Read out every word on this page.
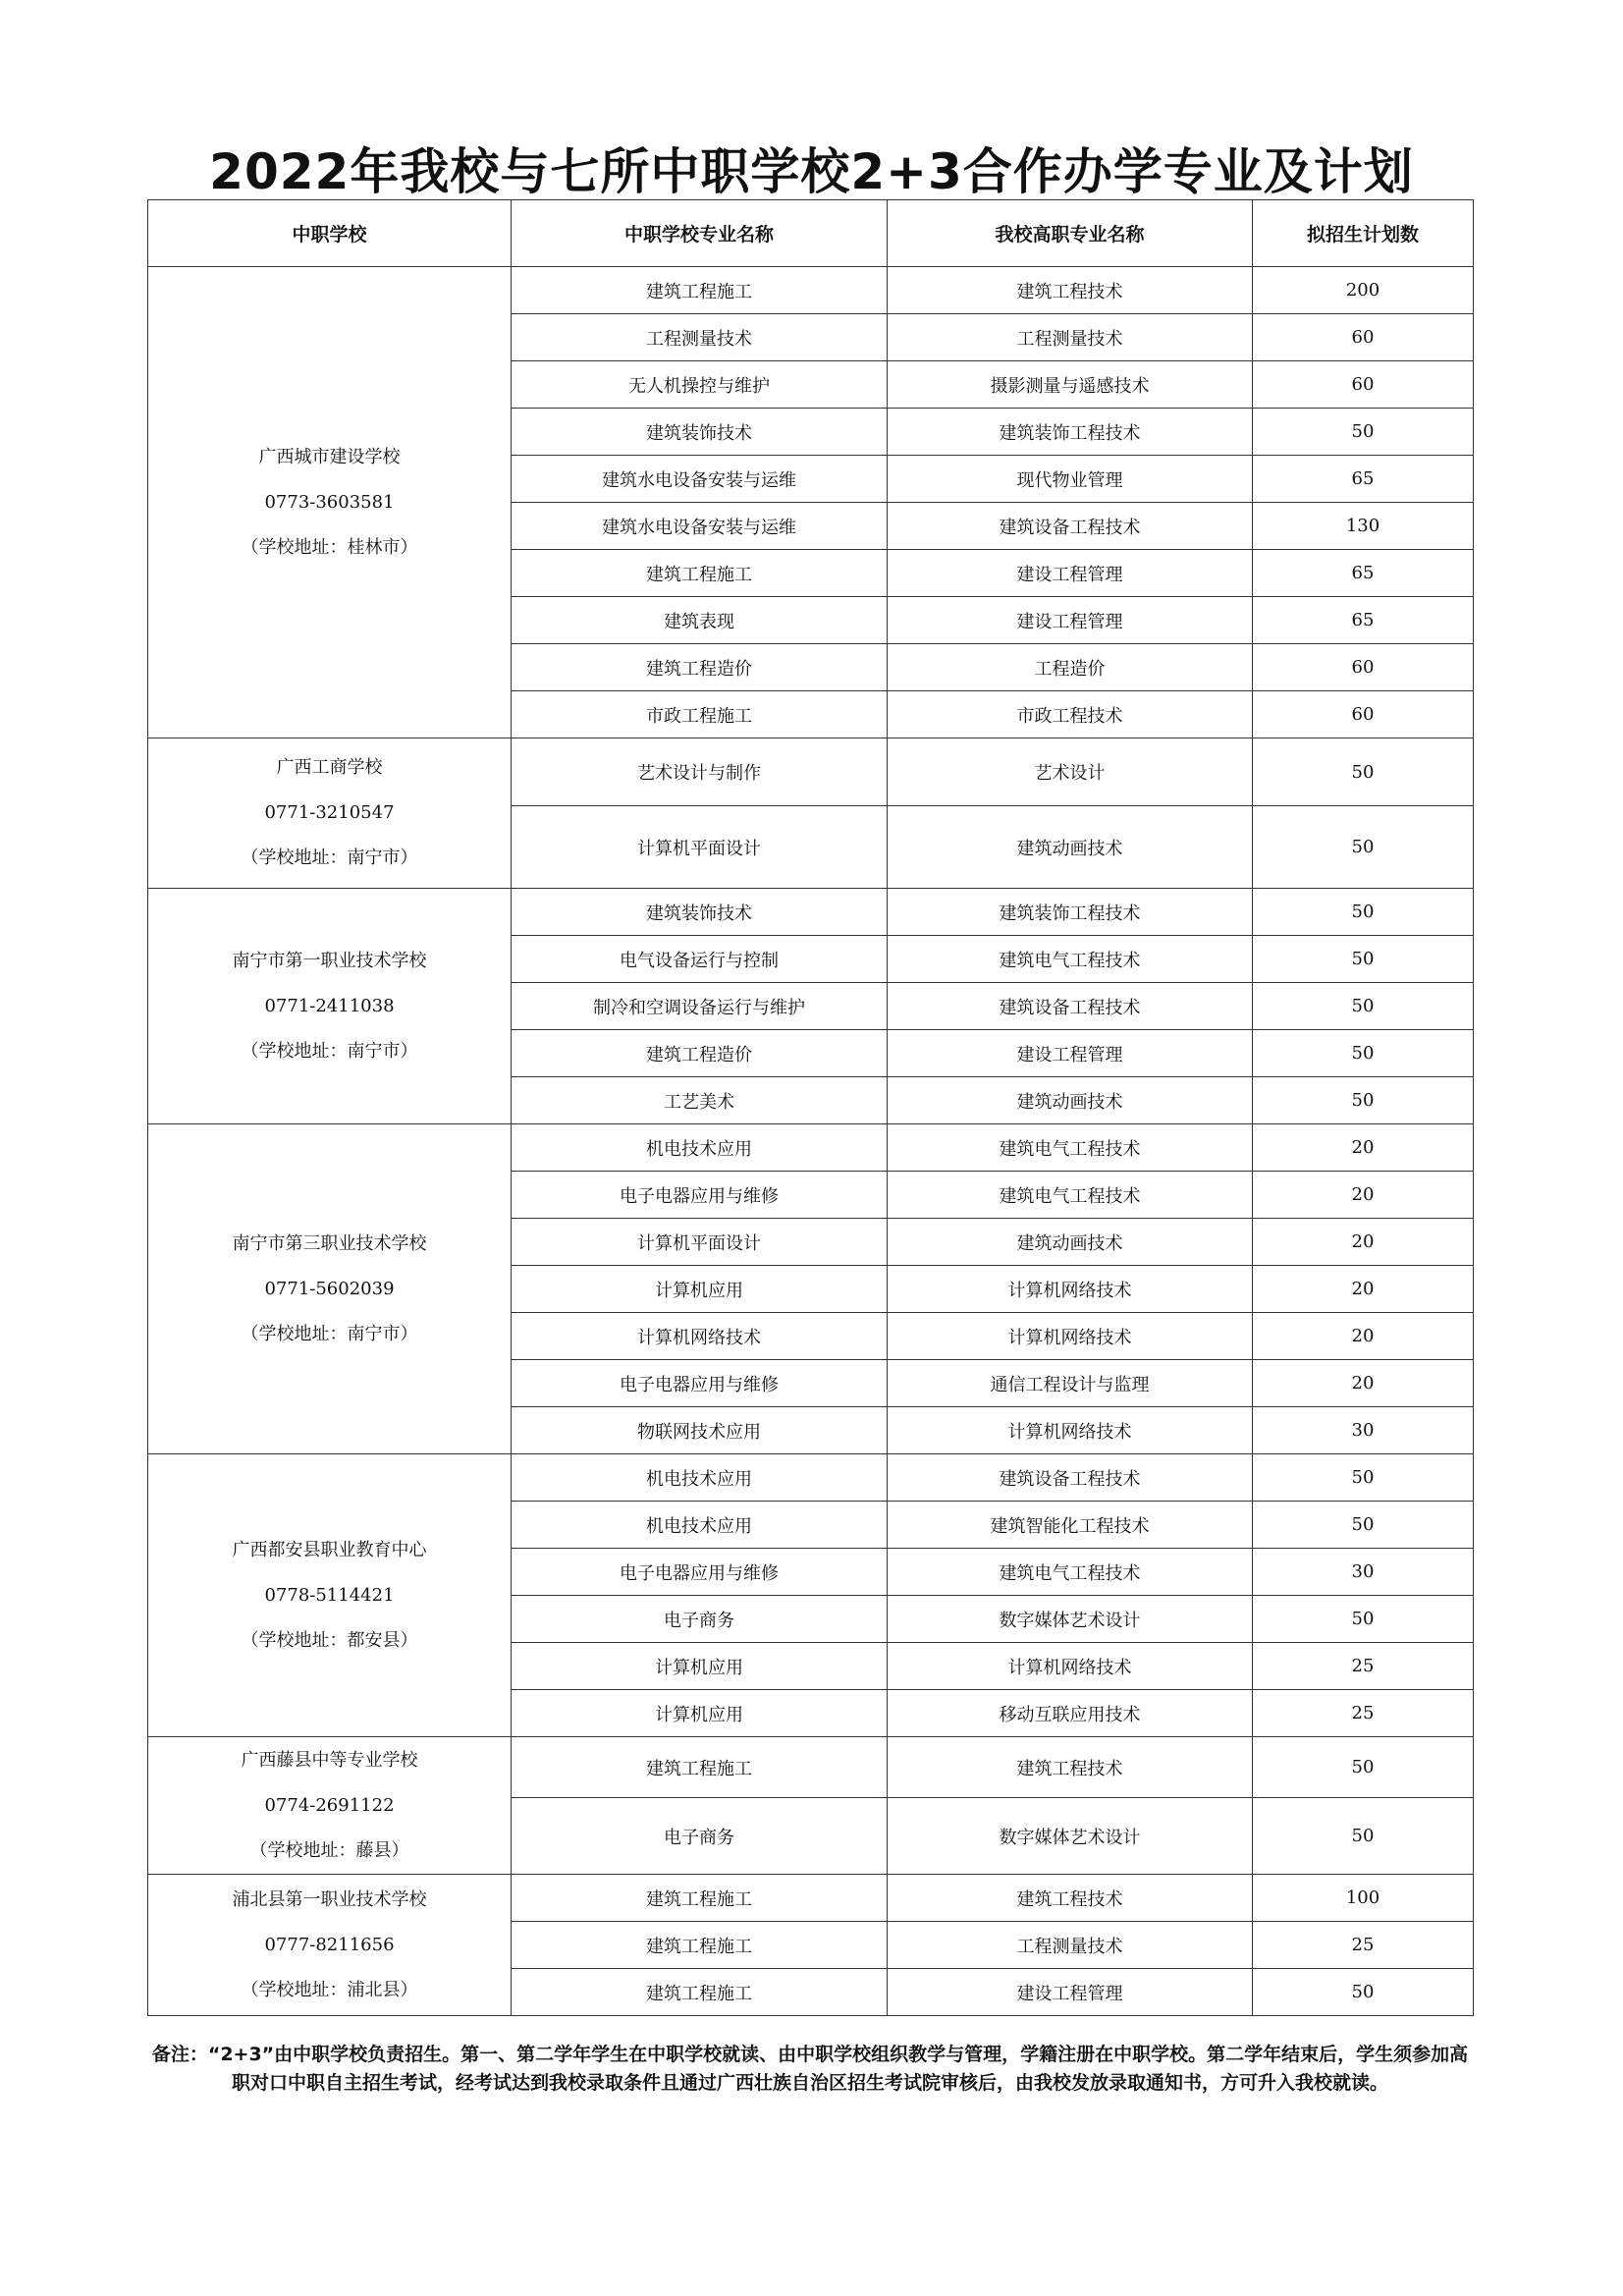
2022年我校与七所中职学校2+3合作办学专业及计划
中职学校	中职学校专业名称	我校高职专业名称	拟招生计划数

广西城市建设学校
0773-3603581
（学校地址：桂林市）	建筑工程施工	建筑工程技术	200
	工程测量技术	工程测量技术	60
	无人机操控与维护	摄影测量与遥感技术	60
	建筑装饰技术	建筑装饰工程技术	50
	建筑水电设备安装与运维	现代物业管理	65
	建筑水电设备安装与运维	建筑设备工程技术	130
	建筑工程施工	建设工程管理	65
	建筑表现	建设工程管理	65
	建筑工程造价	工程造价	60
	市政工程施工	市政工程技术	60

广西工商学校
0771-3210547
（学校地址：南宁市）	艺术设计与制作	艺术设计	50
	计算机平面设计	建筑动画技术	50

南宁市第一职业技术学校
0771-2411038
（学校地址：南宁市）	建筑装饰技术	建筑装饰工程技术	50
	电气设备运行与控制	建筑电气工程技术	50
	制冷和空调设备运行与维护	建筑设备工程技术	50
	建筑工程造价	建设工程管理	50
	工艺美术	建筑动画技术	50

南宁市第三职业技术学校
0771-5602039
（学校地址：南宁市）	机电技术应用	建筑电气工程技术	20
	电子电器应用与维修	建筑电气工程技术	20
	计算机平面设计	建筑动画技术	20
	计算机应用	计算机网络技术	20
	计算机网络技术	计算机网络技术	20
	电子电器应用与维修	通信工程设计与监理	20
	物联网技术应用	计算机网络技术	30

广西都安县职业教育中心
0778-5114421
（学校地址：都安县）	机电技术应用	建筑设备工程技术	50
	机电技术应用	建筑智能化工程技术	50
	电子电器应用与维修	建筑电气工程技术	30
	电子商务	数字媒体艺术设计	50
	计算机应用	计算机网络技术	25
	计算机应用	移动互联应用技术	25

广西藤县中等专业学校
0774-2691122
（学校地址：藤县）	建筑工程施工	建筑工程技术	50
	电子商务	数字媒体艺术设计	50

浦北县第一职业技术学校
0777-8211656
（学校地址：浦北县）	建筑工程施工	建筑工程技术	100
	建筑工程施工	工程测量技术	25
	建筑工程施工	建设工程管理	50
备注：“2+3”由中职学校负责招生。第一、第二学年学生在中职学校就读、由中职学校组织教学与管理，学籍注册在中职学校。第二学年结束后，学生须参加高职对口中职自主招生考试，经考试达到我校录取条件且通过广西壮族自治区招生考试院审核后，由我校发放录取通知书，方可升入我校就读。
